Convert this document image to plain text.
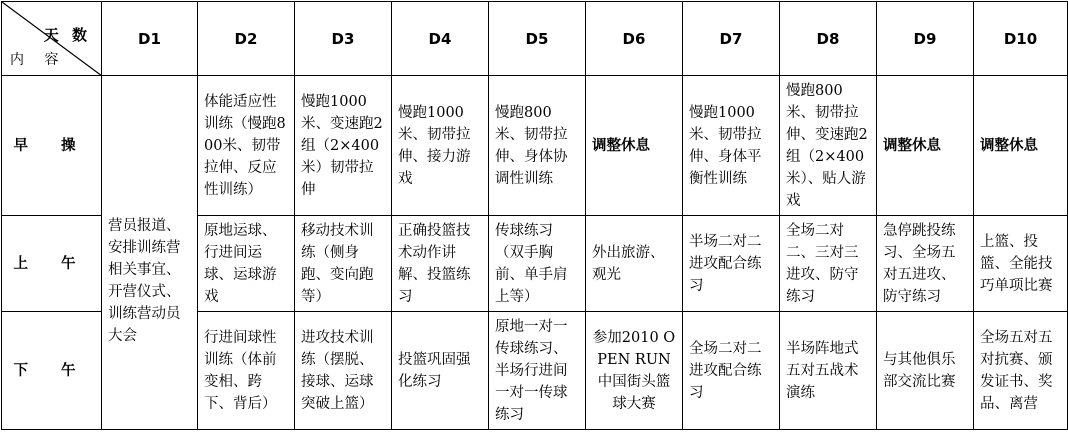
天 数
内 容	D1	D2	D3	D4	D5	D6	D7	D8	D9	D10
早 操	营员报道、安排训练营相关事宜、开营仪式、训练营动员大会	体能适应性训练（慢跑800米、韧带拉伸、反应性训练）	慢跑1000米、变速跑2组（2×400米）韧带拉伸	慢跑1000米、韧带拉伸、接力游戏	慢跑800米、韧带拉伸、身体协调性训练	调整休息	慢跑1000米、韧带拉伸、身体平衡性训练	慢跑800米、韧带拉伸、变速跑2组（2×400米）、贴人游戏	调整休息	调整休息
上 午		原地运球、行进间运球、运球游戏	移动技术训练（侧身跑、变向跑等）	正确投篮技术动作讲解、投篮练习	传球练习（双手胸前、单手肩上等）	外出旅游、观光	半场二对二进攻配合练习	全场二对二、三对三进攻、防守练习	急停跳投练习、全场五对五进攻、防守练习	上篮、投篮、全能技巧单项比赛
下 午		行进间球性训练（体前变相、跨下、背后）	进攻技术训练（摆脱、接球、运球突破上篮）	投篮巩固强化练习	原地一对一传球练习、半场行进间一对一传球练习	参加2010 OPEN RUN中国街头篮球大赛	全场二对二进攻配合练习	半场阵地式五对五战术演练	与其他俱乐部交流比赛	全场五对五对抗赛、颁发证书、奖品、离营
